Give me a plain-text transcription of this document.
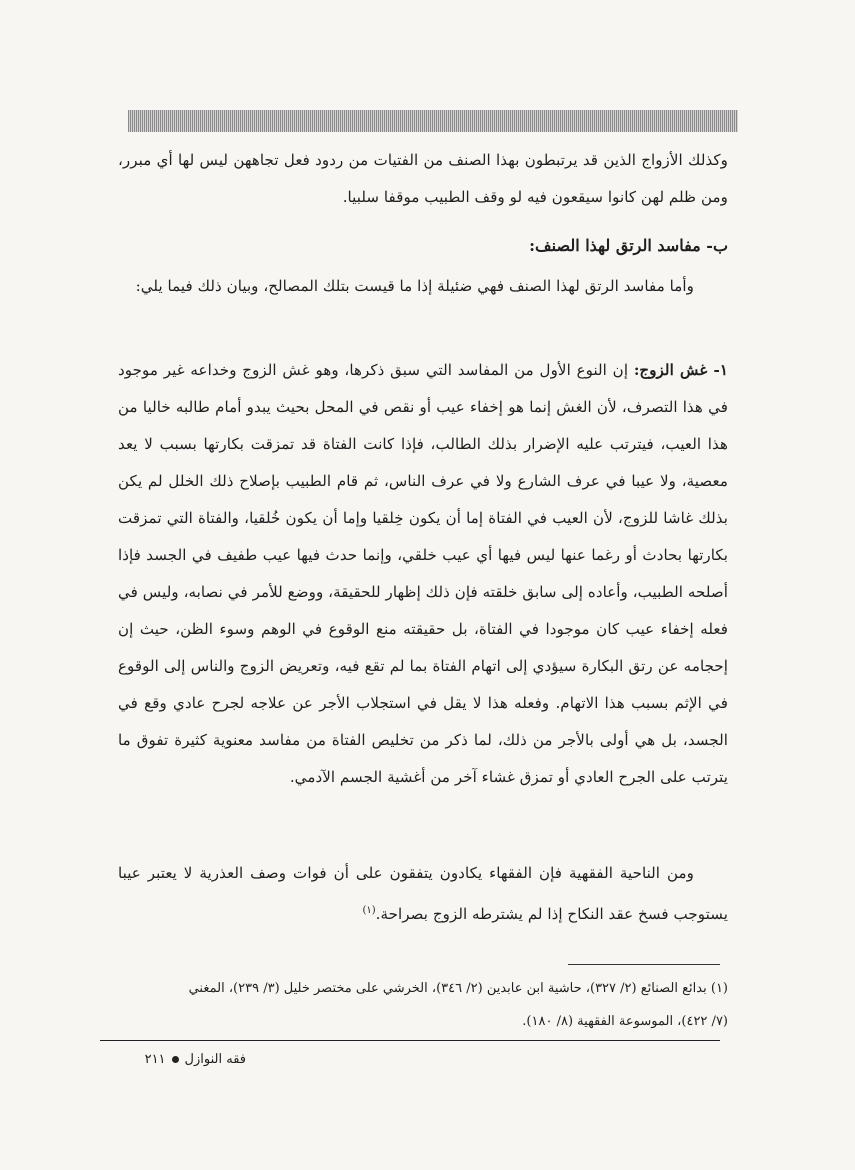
وكذلك الأزواج الذين قد يرتبطون بهذا الصنف من الفتيات من ردود فعل تجاههن ليس لها أي مبرر، ومن ظلم لهن كانوا سيقعون فيه لو وقف الطبيب موقفا سلبيا.

ب- مفاسد الرتق لهذا الصنف:

وأما مفاسد الرتق لهذا الصنف فهي ضئيلة إذا ما قيست بتلك المصالح، وبيان ذلك فيما يلي:

١- غش الزوج: إن النوع الأول من المفاسد التي سبق ذكرها، وهو غش الزوج وخداعه غير موجود في هذا التصرف، لأن الغش إنما هو إخفاء عيب أو نقص في المحل بحيث يبدو أمام طالبه خاليا من هذا العيب، فيترتب عليه الإضرار بذلك الطالب، فإذا كانت الفتاة قد تمزقت بكارتها بسبب لا يعد معصية، ولا عيبا في عرف الشارع ولا في عرف الناس، ثم قام الطبيب بإصلاح ذلك الخلل لم يكن بذلك غاشا للزوج، لأن العيب في الفتاة إما أن يكون خِلقيا وإما أن يكون خُلقيا، والفتاة التي تمزقت بكارتها بحادث أو رغما عنها ليس فيها أي عيب خلقي، وإنما حدث فيها عيب طفيف في الجسد فإذا أصلحه الطبيب، وأعاده إلى سابق خلقته فإن ذلك إظهار للحقيقة، ووضع للأمر في نصابه، وليس في فعله إخفاء عيب كان موجودا في الفتاة، بل حقيقته منع الوقوع في الوهم وسوء الظن، حيث إن إحجامه عن رتق البكارة سيؤدي إلى اتهام الفتاة بما لم تقع فيه، وتعريض الزوج والناس إلى الوقوع في الإثم بسبب هذا الاتهام. وفعله هذا لا يقل في استجلاب الأجر عن علاجه لجرح عادي وقع في الجسد، بل هي أولى بالأجر من ذلك، لما ذكر من تخليص الفتاة من مفاسد معنوية كثيرة تفوق ما يترتب على الجرح العادي أو تمزق غشاء آخر من أغشية الجسم الآدمي.

ومن الناحية الفقهية فإن الفقهاء يكادون يتفقون على أن فوات وصف العذرية لا يعتبر عيبا يستوجب فسخ عقد النكاح إذا لم يشترطه الزوج بصراحة.$^{(١)}$

(١) بدائع الصنائع (٢/ ٣٢٧)، حاشية ابن عابدين (٢/ ٣٤٦)، الخرشي على مختصر خليل (٣/ ٢٣٩)، المغني

(٧/ ٤٢٢)، الموسوعة الفقهية (٨/ ١٨٠).

فقه النوازل٢١١
